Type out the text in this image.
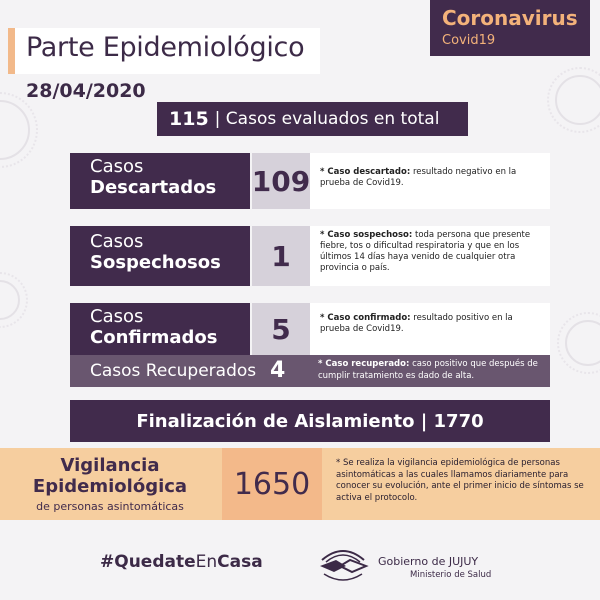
Parte Epidemiológico
28/04/2020
Coronavirus
Covid19
115 | Casos evaluados en total
Casos
Descartados	109	* Caso descartado: resultado negativo en la prueba de Covid19.
Casos
Sospechosos	1
* Caso sospechoso: toda persona que presente fiebre, tos o dificultad respiratoria y que en los últimos 14 días haya venido de cualquier otra provincia o país.
Casos
Confirmados	5	* Caso confirmado: resultado positivo en la prueba de Covid19.
Casos Recuperados 4	* Caso recuperado: caso positivo que después de cumplir tratamiento es dado de alta.
Finalización de Aislamiento | 1770
Vigilancia
Epidemiológica
de personas asintomáticas
1650
* Se realiza la vigilancia epidemiológica de personas asintomáticas a las cuales llamamos diariamente para conocer su evolución, ante el primer inicio de síntomas se activa el protocolo.
#QuedateEnCasa	Gobierno de JUJUY
Ministerio de Salud
